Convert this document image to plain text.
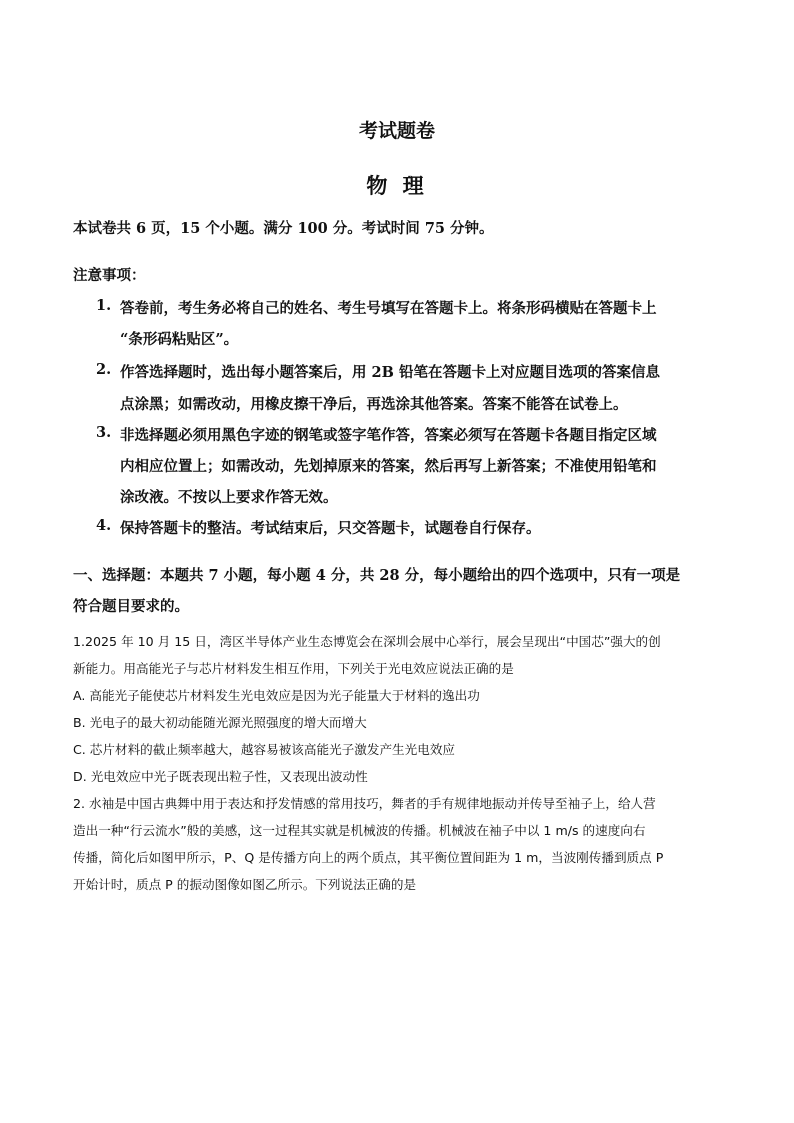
考试题卷
物 理
本试卷共 6 页，15 个小题。满分 100 分。考试时间 75 分钟。
注意事项：
1. 答卷前，考生务必将自己的姓名、考生号填写在答题卡上。将条形码横贴在答题卡上
“条形码粘贴区”。
2. 作答选择题时，选出每小题答案后，用 2B 铅笔在答题卡上对应题目选项的答案信息
点涂黑；如需改动，用橡皮擦干净后，再选涂其他答案。答案不能答在试卷上。
3. 非选择题必须用黑色字迹的钢笔或签字笔作答，答案必须写在答题卡各题目指定区域
内相应位置上；如需改动，先划掉原来的答案，然后再写上新答案；不准使用铅笔和
涂改液。不按以上要求作答无效。
4. 保持答题卡的整洁。考试结束后，只交答题卡，试题卷自行保存。
一、选择题：本题共 7 小题，每小题 4 分，共 28 分，每小题给出的四个选项中，只有一项是
符合题目要求的。
1.2025 年 10 月 15 日，湾区半导体产业生态博览会在深圳会展中心举行，展会呈现出“中国芯”强大的创
新能力。用高能光子与芯片材料发生相互作用，下列关于光电效应说法正确的是
A. 高能光子能使芯片材料发生光电效应是因为光子能量大于材料的逸出功
B. 光电子的最大初动能随光源光照强度的增大而增大
C. 芯片材料的截止频率越大，越容易被该高能光子激发产生光电效应
D. 光电效应中光子既表现出粒子性，又表现出波动性
2. 水袖是中国古典舞中用于表达和抒发情感的常用技巧，舞者的手有规律地振动并传导至袖子上，给人营
造出一种“行云流水”般的美感，这一过程其实就是机械波的传播。机械波在袖子中以 1 m/s 的速度向右
传播，简化后如图甲所示，P、Q 是传播方向上的两个质点，其平衡位置间距为 1 m，当波刚传播到质点 P
开始计时，质点 P 的振动图像如图乙所示。下列说法正确的是
